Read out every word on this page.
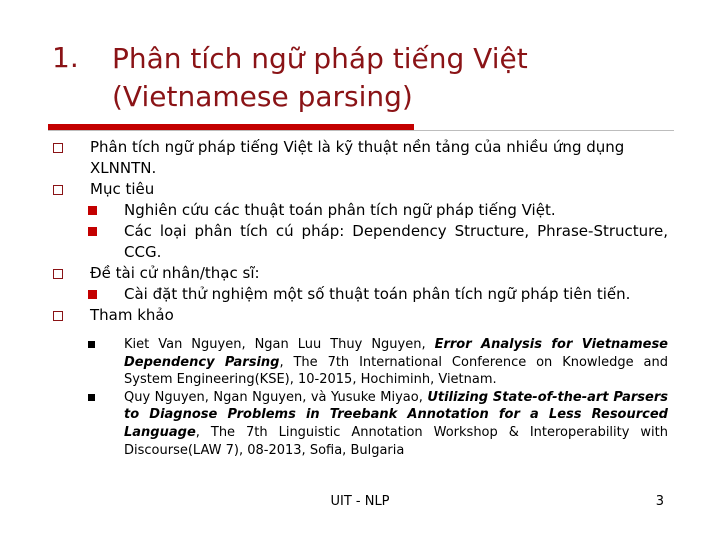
1. Phân tích ngữ pháp tiếng Việt
(Vietnamese parsing)
Phân tích ngữ pháp tiếng Việt là kỹ thuật nền tảng của nhiều ứng dụng XLNNTN.
Mục tiêu
Nghiên cứu các thuật toán phân tích ngữ pháp tiếng Việt.
Các loại phân tích cú pháp: Dependency Structure, Phrase-Structure, CCG.
Đề tài cử nhân/thạc sĩ:
Cài đặt thử nghiệm một số thuật toán phân tích ngữ pháp tiên tiến.
Tham khảo
Kiet Van Nguyen, Ngan Luu Thuy Nguyen, Error Analysis for Vietnamese Dependency Parsing, The 7th International Conference on Knowledge and System Engineering(KSE), 10-2015, Hochiminh, Vietnam.
Quy Nguyen, Ngan Nguyen, và Yusuke Miyao, Utilizing State-of-the-art Parsers to Diagnose Problems in Treebank Annotation for a Less Resourced Language, The 7th Linguistic Annotation Workshop & Interoperability with Discourse(LAW 7), 08-2013, Sofia, Bulgaria
UIT - NLP	3
